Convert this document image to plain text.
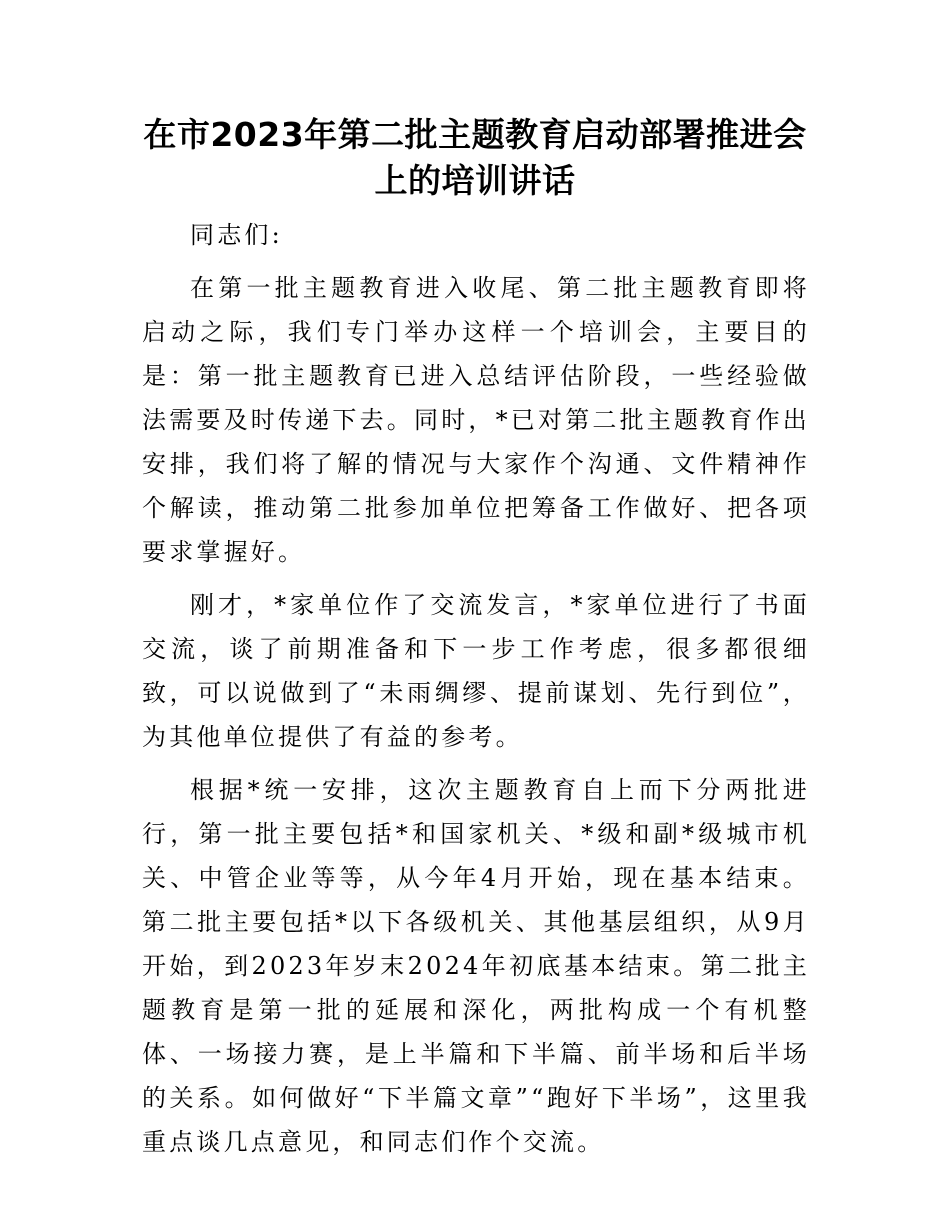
在市2023年第二批主题教育启动部署推进会上的培训讲话

同志们:

在第一批主题教育进入收尾、第二批主题教育即将启动之际，我们专门举办这样一个培训会，主要目的是：第一批主题教育已进入总结评估阶段，一些经验做法需要及时传递下去。同时，*已对第二批主题教育作出安排，我们将了解的情况与大家作个沟通、文件精神作个解读，推动第二批参加单位把筹备工作做好、把各项要求掌握好。

刚才，*家单位作了交流发言，*家单位进行了书面交流，谈了前期准备和下一步工作考虑，很多都很细致，可以说做到了“未雨绸缪、提前谋划、先行到位”，为其他单位提供了有益的参考。

根据*统一安排，这次主题教育自上而下分两批进行，第一批主要包括*和国家机关、*级和副*级城市机关、中管企业等等，从今年4月开始，现在基本结束。第二批主要包括*以下各级机关、其他基层组织，从9月开始，到2023年岁末2024年初底基本结束。第二批主题教育是第一批的延展和深化，两批构成一个有机整体、一场接力赛，是上半篇和下半篇、前半场和后半场的关系。如何做好“下半篇文章”“跑好下半场”，这里我重点谈几点意见，和同志们作个交流。
